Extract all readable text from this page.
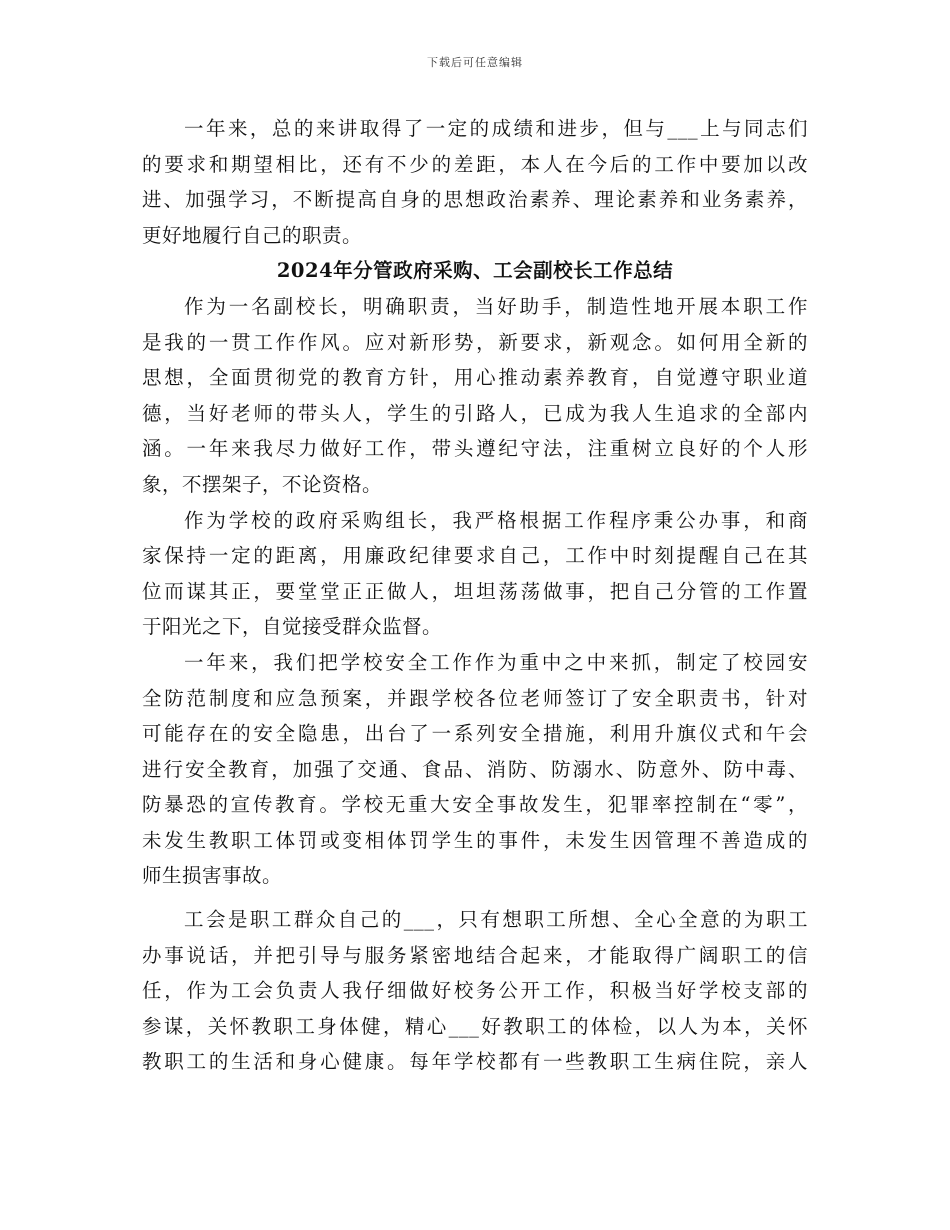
下载后可任意编辑
一年来，总的来讲取得了一定的成绩和进步，但与___上与同志们
的要求和期望相比，还有不少的差距，本人在今后的工作中要加以改
进、加强学习，不断提高自身的思想政治素养、理论素养和业务素养，
更好地履行自己的职责。
2024年分管政府采购、工会副校长工作总结
作为一名副校长，明确职责，当好助手，制造性地开展本职工作
是我的一贯工作作风。应对新形势，新要求，新观念。如何用全新的
思想，全面贯彻党的教育方针，用心推动素养教育，自觉遵守职业道
德，当好老师的带头人，学生的引路人，已成为我人生追求的全部内
涵。一年来我尽力做好工作，带头遵纪守法，注重树立良好的个人形
象，不摆架子，不论资格。
作为学校的政府采购组长，我严格根据工作程序秉公办事，和商
家保持一定的距离，用廉政纪律要求自己，工作中时刻提醒自己在其
位而谋其正，要堂堂正正做人，坦坦荡荡做事，把自己分管的工作置
于阳光之下，自觉接受群众监督。
一年来，我们把学校安全工作作为重中之中来抓，制定了校园安
全防范制度和应急预案，并跟学校各位老师签订了安全职责书，针对
可能存在的安全隐患，出台了一系列安全措施，利用升旗仪式和午会
进行安全教育，加强了交通、食品、消防、防溺水、防意外、防中毒、
防暴恐的宣传教育。学校无重大安全事故发生，犯罪率控制在“零”，
未发生教职工体罚或变相体罚学生的事件，未发生因管理不善造成的
师生损害事故。
工会是职工群众自己的___，只有想职工所想、全心全意的为职工
办事说话，并把引导与服务紧密地结合起来，才能取得广阔职工的信
任，作为工会负责人我仔细做好校务公开工作，积极当好学校支部的
参谋，关怀教职工身体健，精心___好教职工的体检，以人为本，关怀
教职工的生活和身心健康。每年学校都有一些教职工生病住院，亲人
